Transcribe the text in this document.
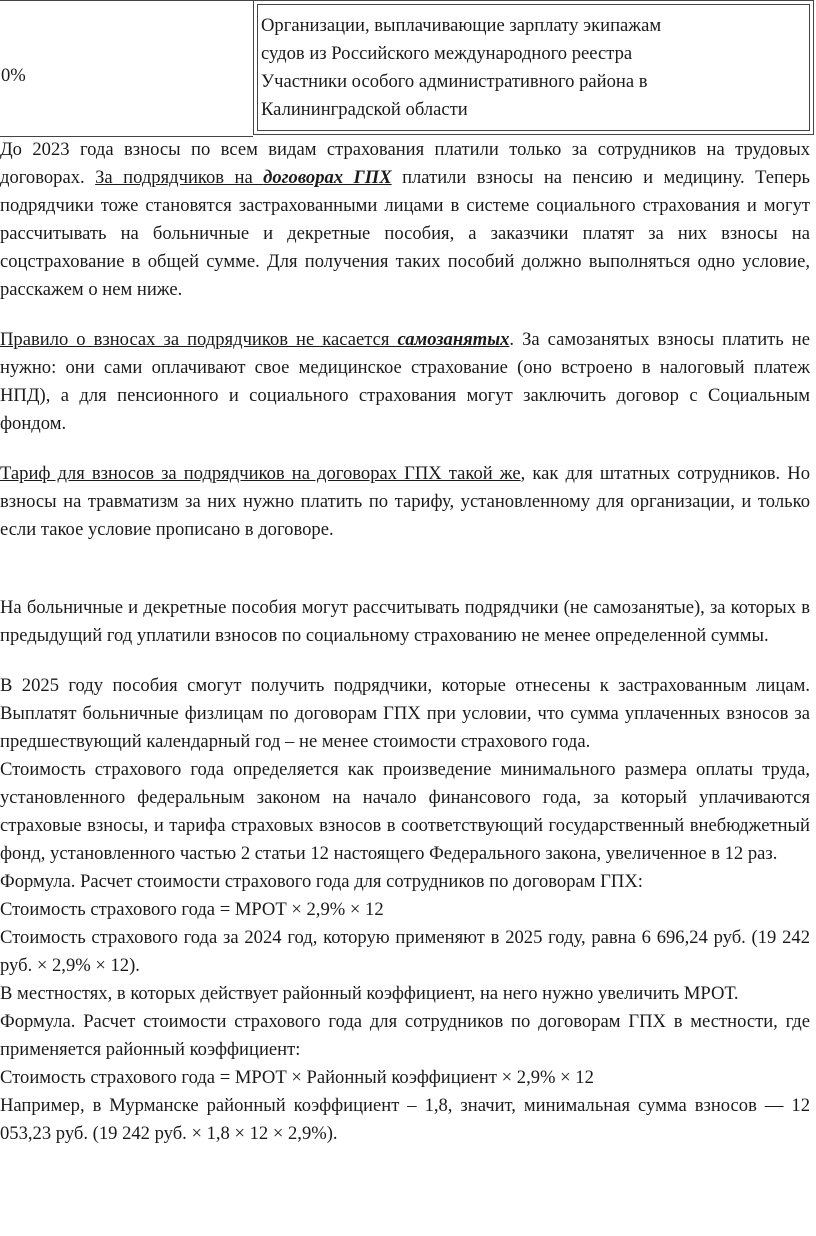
0%
Организации, выплачивающие зарплату экипажам
судов из Российского международного реестра
Участники особого административного района в
Калининградской области

До 2023 года взносы по всем видам страхования платили только за сотрудников на трудовых договорах. За подрядчиков на договорах ГПХ платили взносы на пенсию и медицину. Теперь подрядчики тоже становятся застрахованными лицами в системе социального страхования и могут рассчитывать на больничные и декретные пособия, а заказчики платят за них взносы на соцстрахование в общей сумме. Для получения таких пособий должно выполняться одно условие, расскажем о нем ниже.

Правило о взносах за подрядчиков не касается самозанятых. За самозанятых взносы платить не нужно: они сами оплачивают свое медицинское страхование (оно встроено в налоговый платеж НПД), а для пенсионного и социального страхования могут заключить договор с Социальным фондом.

Тариф для взносов за подрядчиков на договорах ГПХ такой же, как для штатных сотрудников. Но взносы на травматизм за них нужно платить по тарифу, установленному для организации, и только если такое условие прописано в договоре.

На больничные и декретные пособия могут рассчитывать подрядчики (не самозанятые), за которых в предыдущий год уплатили взносов по социальному страхованию не менее определенной суммы.

В 2025 году пособия смогут получить подрядчики, которые отнесены к застрахованным лицам. Выплатят больничные физлицам по договорам ГПХ при условии, что сумма уплаченных взносов за предшествующий календарный год – не менее стоимости страхового года.

Стоимость страхового года определяется как произведение минимального размера оплаты труда, установленного федеральным законом на начало финансового года, за который уплачиваются страховые взносы, и тарифа страховых взносов в соответствующий государственный внебюджетный фонд, установленного частью 2 статьи 12 настоящего Федерального закона, увеличенное в 12 раз.

Формула. Расчет стоимости страхового года для сотрудников по договорам ГПХ:

Стоимость страхового года = МРОТ × 2,9% × 12

Стоимость страхового года за 2024 год, которую применяют в 2025 году, равна 6 696,24 руб. (19 242 руб. × 2,9% × 12).

В местностях, в которых действует районный коэффициент, на него нужно увеличить МРОТ.

Формула. Расчет стоимости страхового года для сотрудников по договорам ГПХ в местности, где применяется районный коэффициент:

Стоимость страхового года = МРОТ × Районный коэффициент × 2,9% × 12

Например, в Мурманске районный коэффициент – 1,8, значит, минимальная сумма взносов — 12 053,23 руб. (19 242 руб. × 1,8 × 12 × 2,9%).
